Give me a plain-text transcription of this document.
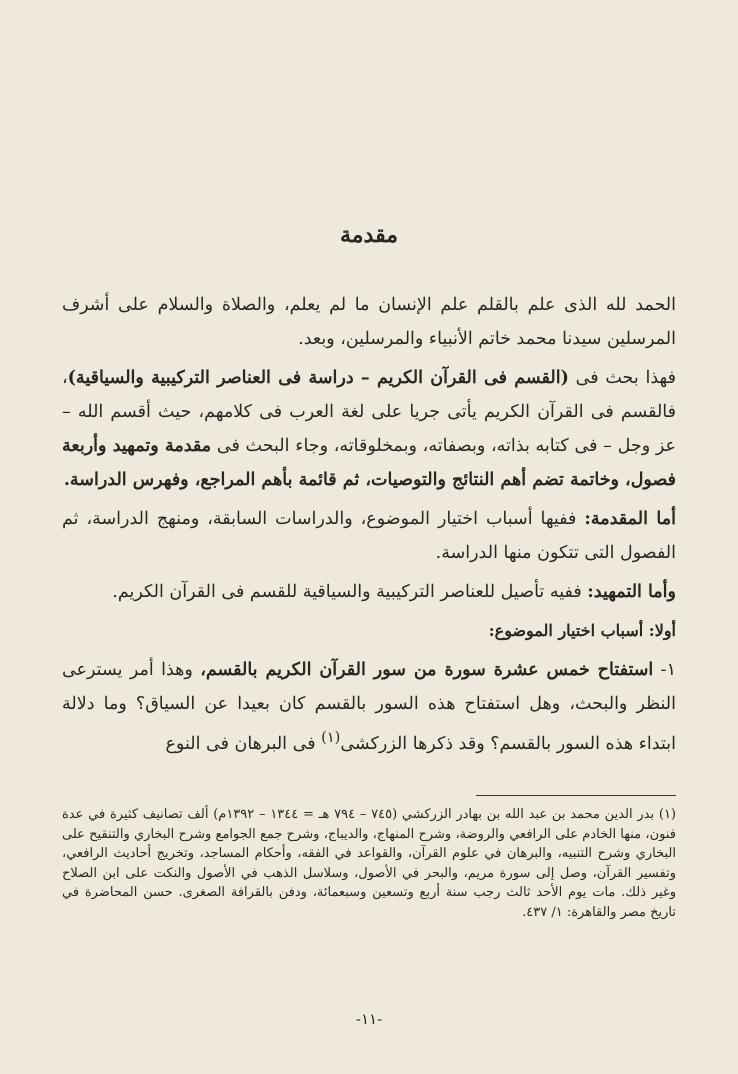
مقدمة

الحمد لله الذى علم بالقلم علم الإنسان ما لم يعلم، والصلاة والسلام على أشرف المرسلين سيدنا محمد خاتم الأنبياء والمرسلين، وبعد.

فهذا بحث فى (القسم فى القرآن الكريم – دراسة فى العناصر التركيبية والسياقية)، فالقسم فى القرآن الكريم يأتى جريا على لغة العرب فى كلامهم، حيث أقسم الله – عز وجل – فى كتابه بذاته، وبصفاته، وبمخلوقاته، وجاء البحث فى مقدمة وتمهيد وأربعة فصول، وخاتمة تضم أهم النتائج والتوصيات، ثم قائمة بأهم المراجع، وفهرس الدراسة.

أما المقدمة: ففيها أسباب اختيار الموضوع، والدراسات السابقة، ومنهج الدراسة، ثم الفصول التى تتكون منها الدراسة.

وأما التمهيد: ففيه تأصيل للعناصر التركيبية والسياقية للقسم فى القرآن الكريم.

أولا: أسباب اختيار الموضوع:

١- استفتاح خمس عشرة سورة من سور القرآن الكريم بالقسم، وهذا أمر يسترعى النظر والبحث، وهل استفتاح هذه السور بالقسم كان بعيدا عن السياق؟ وما دلالة ابتداء هذه السور بالقسم؟ وقد ذكرها الزركشى$^{(١)}$ فى البرهان فى النوع

(١) بدر الدين محمد بن عبد الله بن بهادر الزركشي (٧٤٥ – ٧٩٤ هـ = ١٣٤٤ – ١٣٩٢م) ألف تصانيف كثيرة في عدة فنون، منها الخادم على الرافعي والروضة، وشرح المنهاج، والديباج، وشرح جمع الجوامع وشرح البخاري والتنقيح على البخاري وشرح التنبيه، والبرهان في علوم القرآن، والقواعد في الفقه، وأحكام المساجد، وتخريج أحاديث الرافعي، وتفسير القرآن، وصل إلى سورة مريم، والبحر في الأصول، وسلاسل الذهب في الأصول والنكت على ابن الصلاح وغير ذلك. مات يوم الأحد ثالث رجب سنة أربع وتسعين وسبعمائة، ودفن بالقرافة الصغرى. حسن المحاضرة في تاريخ مصر والقاهرة: ١/ ٤٣٧.

-١١-
